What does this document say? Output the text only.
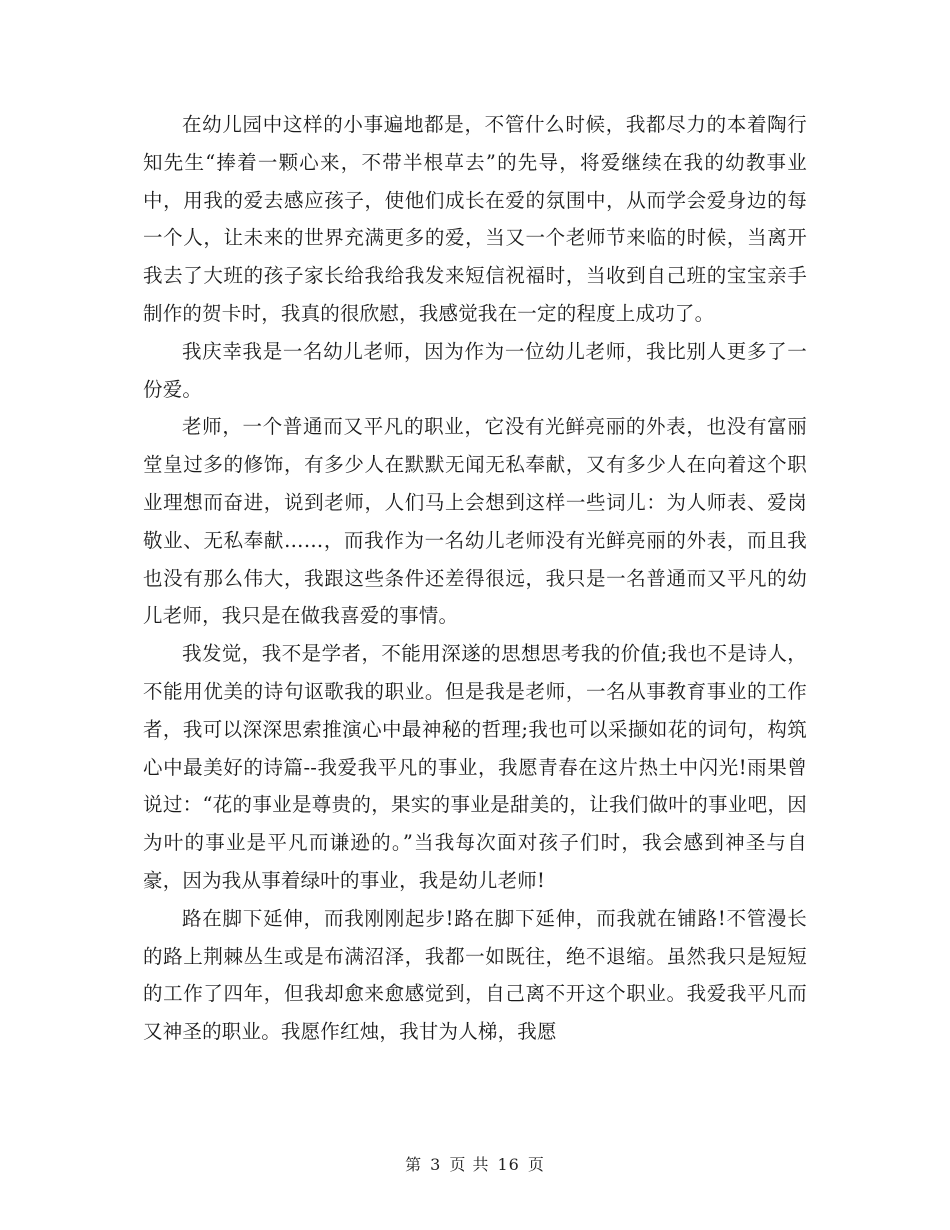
在幼儿园中这样的小事遍地都是，不管什么时候，我都尽力的本着陶行知先生“捧着一颗心来，不带半根草去”的先导，将爱继续在我的幼教事业中，用我的爱去感应孩子，使他们成长在爱的氛围中，从而学会爱身边的每一个人，让未来的世界充满更多的爱，当又一个老师节来临的时候，当离开我去了大班的孩子家长给我给我发来短信祝福时，当收到自己班的宝宝亲手制作的贺卡时，我真的很欣慰，我感觉我在一定的程度上成功了。

我庆幸我是一名幼儿老师，因为作为一位幼儿老师，我比别人更多了一份爱。

老师，一个普通而又平凡的职业，它没有光鲜亮丽的外表，也没有富丽堂皇过多的修饰，有多少人在默默无闻无私奉献，又有多少人在向着这个职业理想而奋进，说到老师，人们马上会想到这样一些词儿：为人师表、爱岗敬业、无私奉献……，而我作为一名幼儿老师没有光鲜亮丽的外表，而且我也没有那么伟大，我跟这些条件还差得很远，我只是一名普通而又平凡的幼儿老师，我只是在做我喜爱的事情。

我发觉，我不是学者，不能用深遂的思想思考我的价值;我也不是诗人，不能用优美的诗句讴歌我的职业。但是我是老师，一名从事教育事业的工作者，我可以深深思索推演心中最神秘的哲理;我也可以采撷如花的词句，构筑心中最美好的诗篇--我爱我平凡的事业，我愿青春在这片热土中闪光!雨果曾说过：“花的事业是尊贵的，果实的事业是甜美的，让我们做叶的事业吧，因为叶的事业是平凡而谦逊的。”当我每次面对孩子们时，我会感到神圣与自豪，因为我从事着绿叶的事业，我是幼儿老师!

路在脚下延伸，而我刚刚起步!路在脚下延伸，而我就在铺路!不管漫长的路上荆棘丛生或是布满沼泽，我都一如既往，绝不退缩。虽然我只是短短的工作了四年，但我却愈来愈感觉到，自己离不开这个职业。我爱我平凡而又神圣的职业。我愿作红烛，我甘为人梯，我愿

第 3 页 共 16 页
